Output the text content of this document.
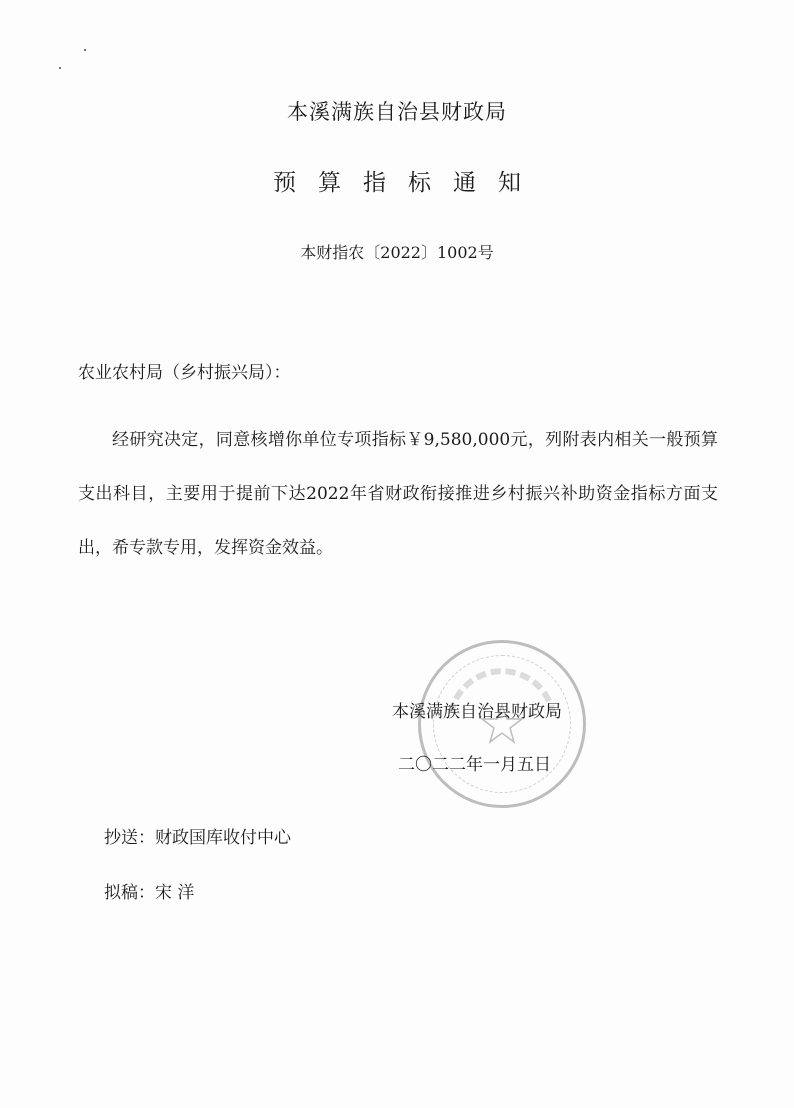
本溪满族自治县财政局
预算指标通知
本财指农〔2022〕1002号
农业农村局（乡村振兴局）：
经研究决定，同意核增你单位专项指标￥9,580,000元，列附表内相关一般预算支出科目，主要用于提前下达2022年省财政衔接推进乡村振兴补助资金指标方面支出，希专款专用，发挥资金效益。
本溪满族自治县财政局
二〇二二年一月五日
抄送：财政国库收付中心
拟稿：宋 洋
